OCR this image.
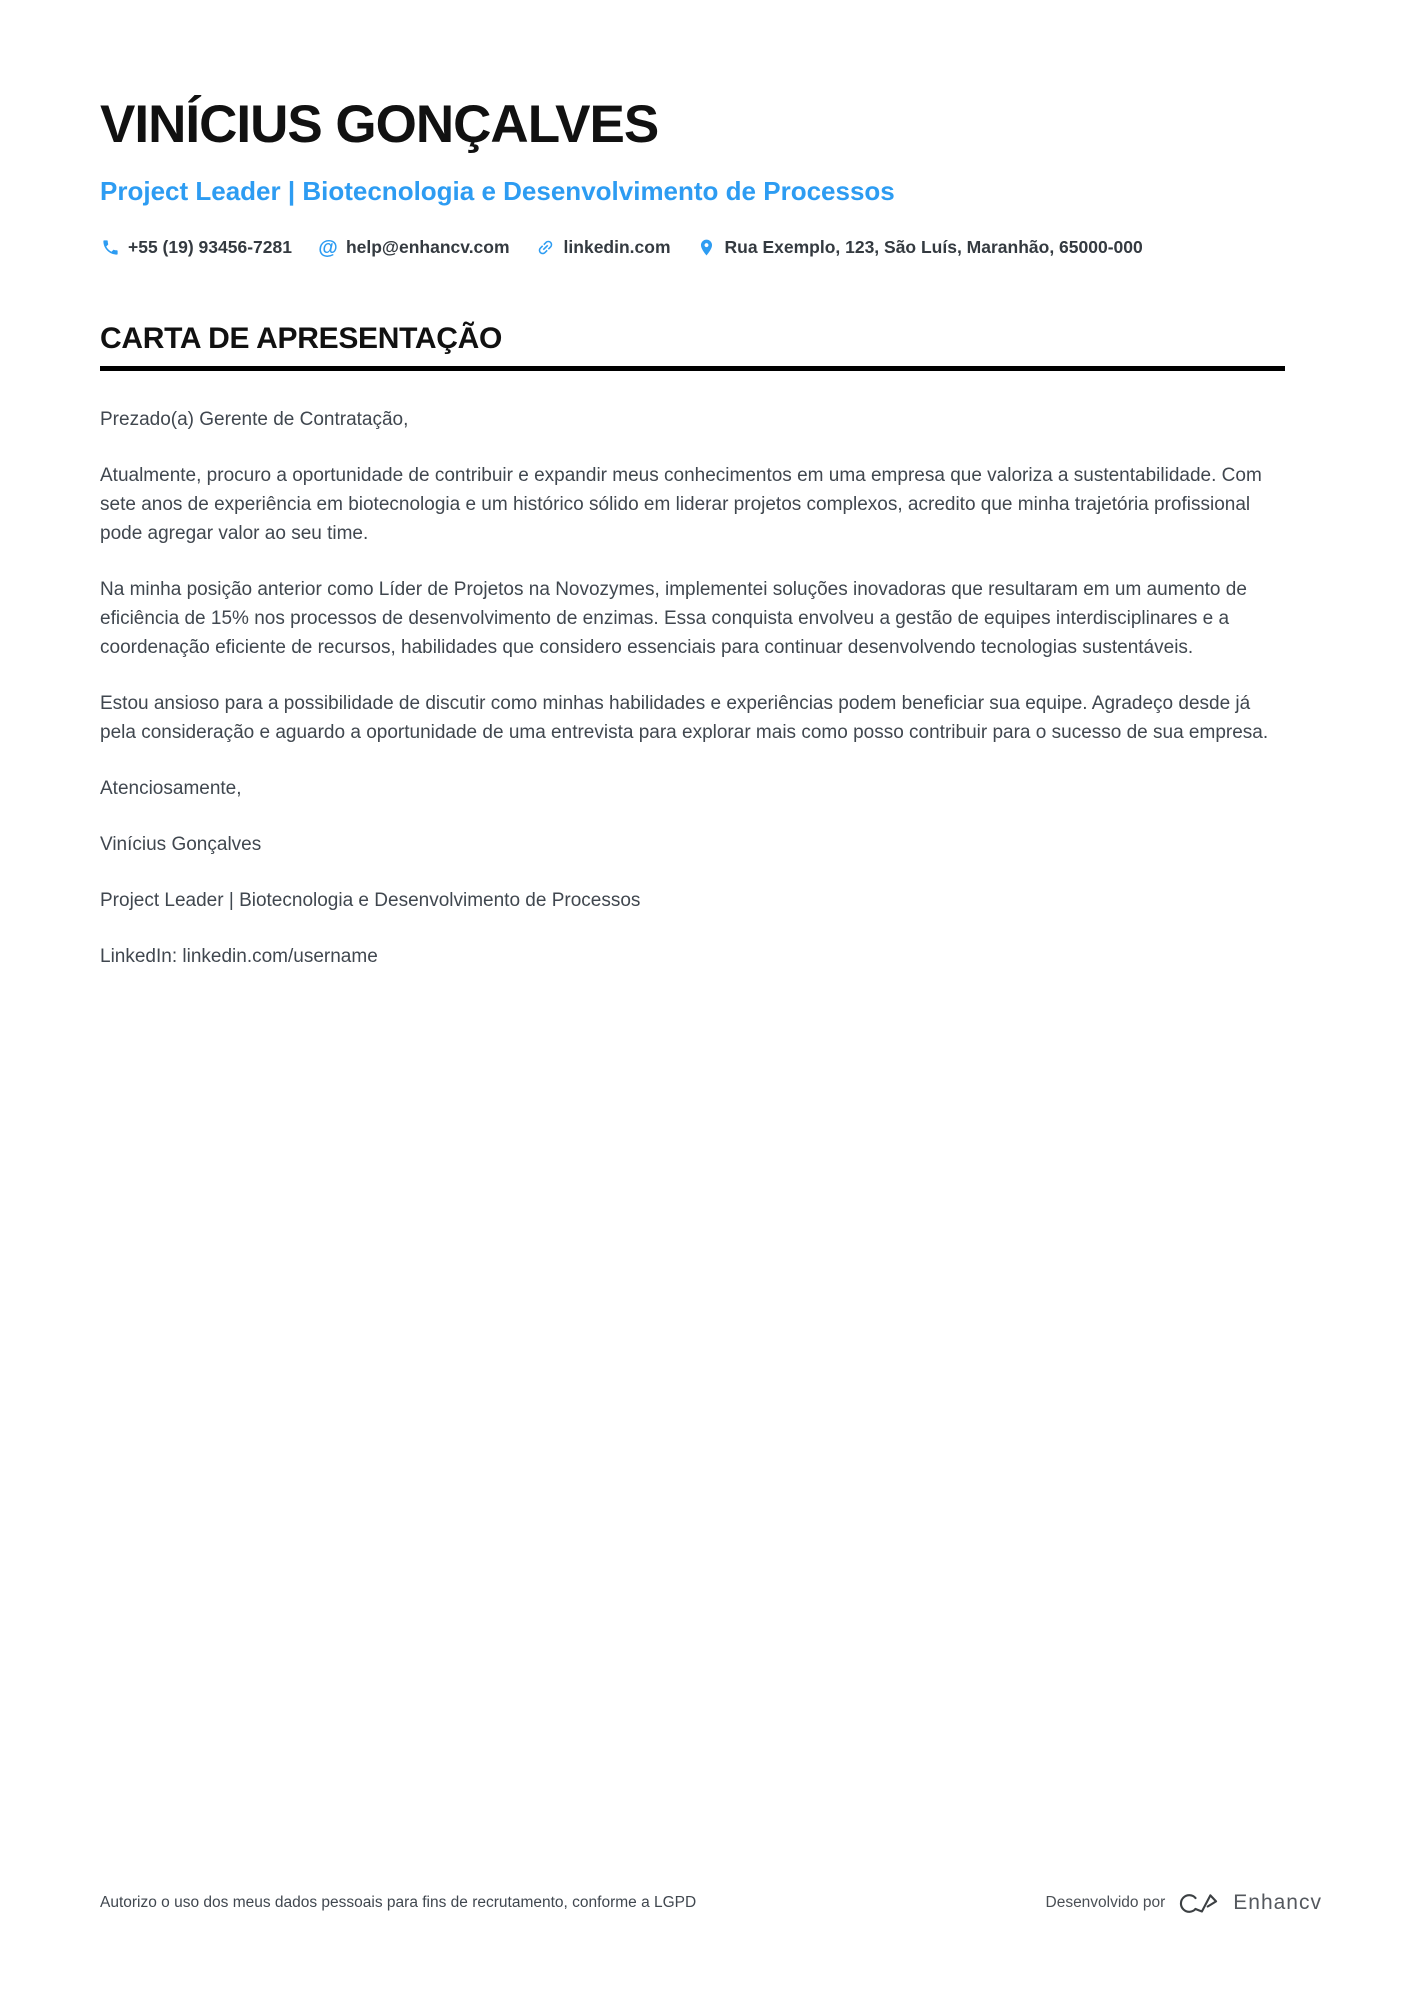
VINÍCIUS GONÇALVES
Project Leader | Biotecnologia e Desenvolvimento de Processos
+55 (19) 93456-7281 @ help@enhancv.com	linkedin.com	Rua Exemplo, 123, São Luís, Maranhão, 65000-000
CARTA DE APRESENTAÇÃO

Prezado(a) Gerente de Contratação,

Atualmente, procuro a oportunidade de contribuir e expandir meus conhecimentos em uma empresa que valoriza a sustentabilidade. Com sete anos de experiência em biotecnologia e um histórico sólido em liderar projetos complexos, acredito que minha trajetória profissional pode agregar valor ao seu time.

Na minha posição anterior como Líder de Projetos na Novozymes, implementei soluções inovadoras que resultaram em um aumento de eficiência de 15% nos processos de desenvolvimento de enzimas. Essa conquista envolveu a gestão de equipes interdisciplinares e a coordenação eficiente de recursos, habilidades que considero essenciais para continuar desenvolvendo tecnologias sustentáveis.

Estou ansioso para a possibilidade de discutir como minhas habilidades e experiências podem beneficiar sua equipe. Agradeço desde já pela consideração e aguardo a oportunidade de uma entrevista para explorar mais como posso contribuir para o sucesso de sua empresa.

Atenciosamente,

Vinícius Gonçalves

Project Leader | Biotecnologia e Desenvolvimento de Processos

LinkedIn: linkedin.com/username

Autorizo o uso dos meus dados pessoais para fins de recrutamento, conforme a LGPD	Desenvolvido por	Enhancv
